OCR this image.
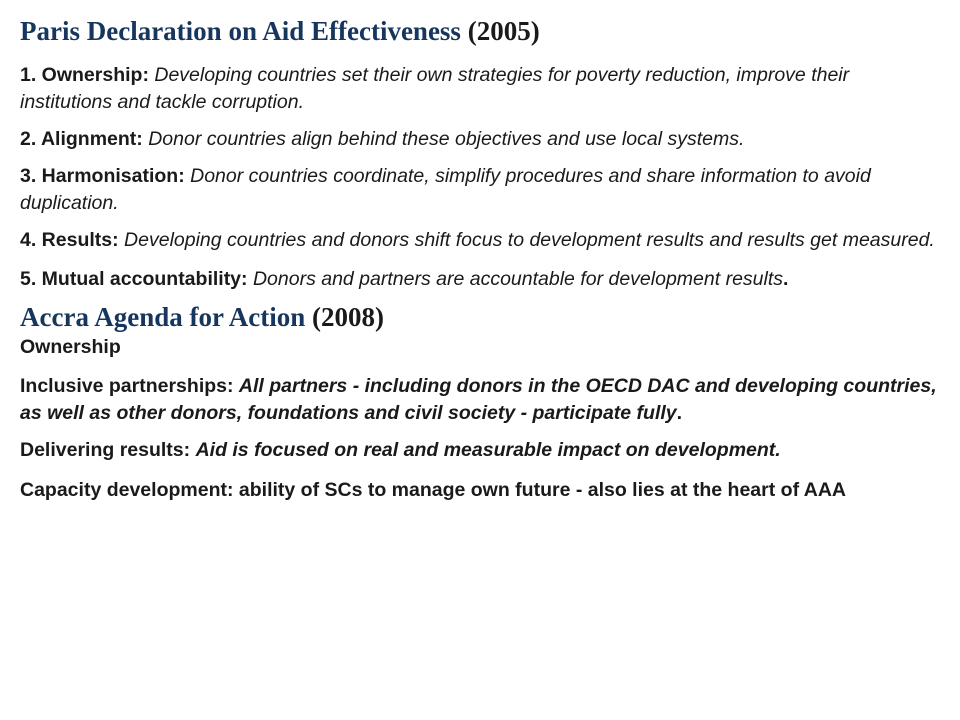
Paris Declaration on Aid Effectiveness (2005)

1. Ownership: Developing countries set their own strategies for poverty reduction, improve their institutions and tackle corruption.

2. Alignment: Donor countries align behind these objectives and use local systems.

3. Harmonisation: Donor countries coordinate, simplify procedures and share information to avoid duplication.

4. Results: Developing countries and donors shift focus to development results and results get measured.

5. Mutual accountability: Donors and partners are accountable for development results.

Accra Agenda for Action (2008)

Ownership

Inclusive partnerships: All partners - including donors in the OECD DAC and developing countries, as well as other donors, foundations and civil society - participate fully.

Delivering results: Aid is focused on real and measurable impact on development.

Capacity development: ability of SCs to manage own future - also lies at the heart of AAA
